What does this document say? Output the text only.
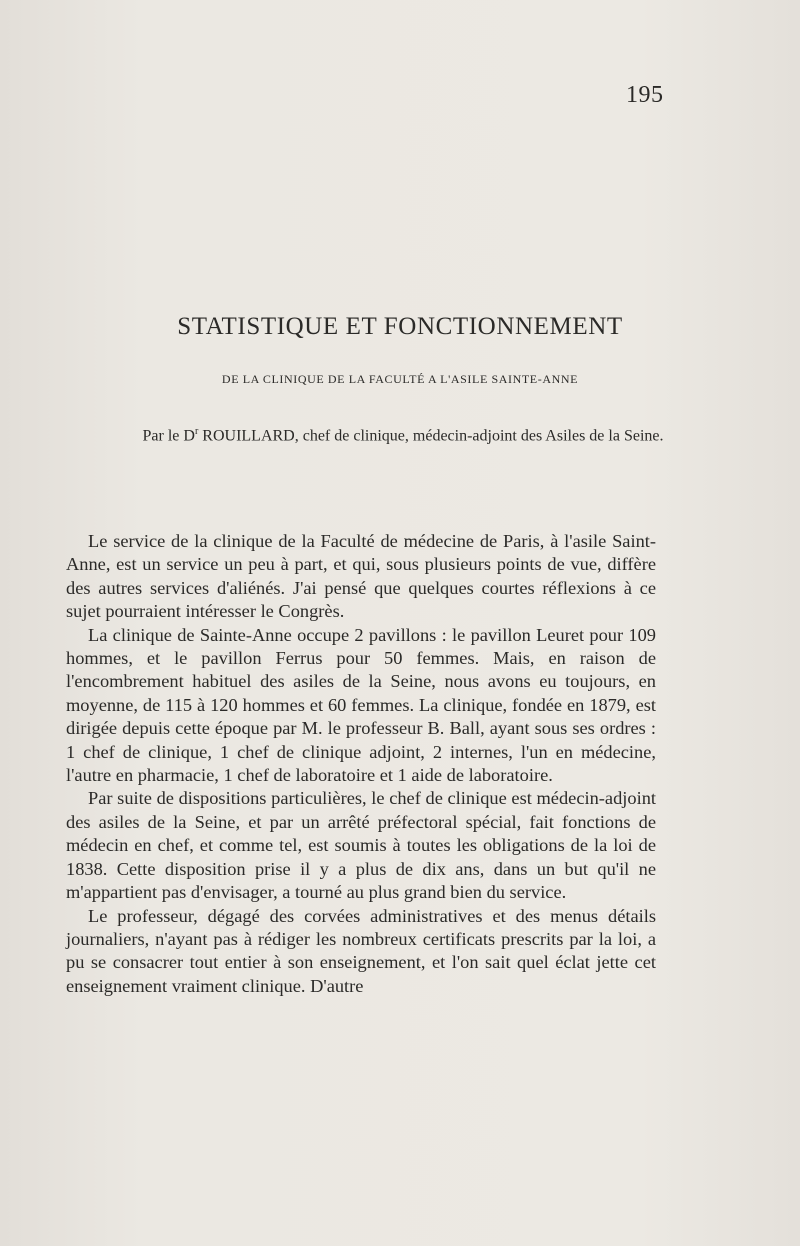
195
STATISTIQUE ET FONCTIONNEMENT
DE LA CLINIQUE DE LA FACULTÉ A L'ASILE SAINTE-ANNE
Par le $D^r$ ROUILLARD, chef de clinique, médecin-adjoint des Asiles de la Seine.

Le service de la clinique de la Faculté de médecine de Paris, à l'asile Saint-Anne, est un service un peu à part, et qui, sous plusieurs points de vue, diffère des autres services d'aliénés. J'ai pensé que quelques courtes réflexions à ce sujet pourraient intéresser le Congrès.

La clinique de Sainte-Anne occupe 2 pavillons : le pavillon Leuret pour 109 hommes, et le pavillon Ferrus pour 50 femmes. Mais, en raison de l'encombrement habituel des asiles de la Seine, nous avons eu toujours, en moyenne, de 115 à 120 hommes et 60 femmes. La clinique, fondée en 1879, est dirigée depuis cette époque par M. le professeur B. Ball, ayant sous ses ordres : 1 chef de clinique, 1 chef de clinique adjoint, 2 internes, l'un en médecine, l'autre en pharmacie, 1 chef de laboratoire et 1 aide de laboratoire.

Par suite de dispositions particulières, le chef de clinique est médecin-adjoint des asiles de la Seine, et par un arrêté préfectoral spécial, fait fonctions de médecin en chef, et comme tel, est soumis à toutes les obligations de la loi de 1838. Cette disposition prise il y a plus de dix ans, dans un but qu'il ne m'appartient pas d'envisager, a tourné au plus grand bien du service.

Le professeur, dégagé des corvées administratives et des menus détails journaliers, n'ayant pas à rédiger les nombreux certificats prescrits par la loi, a pu se consacrer tout entier à son enseignement, et l'on sait quel éclat jette cet enseignement vraiment clinique. D'autre
